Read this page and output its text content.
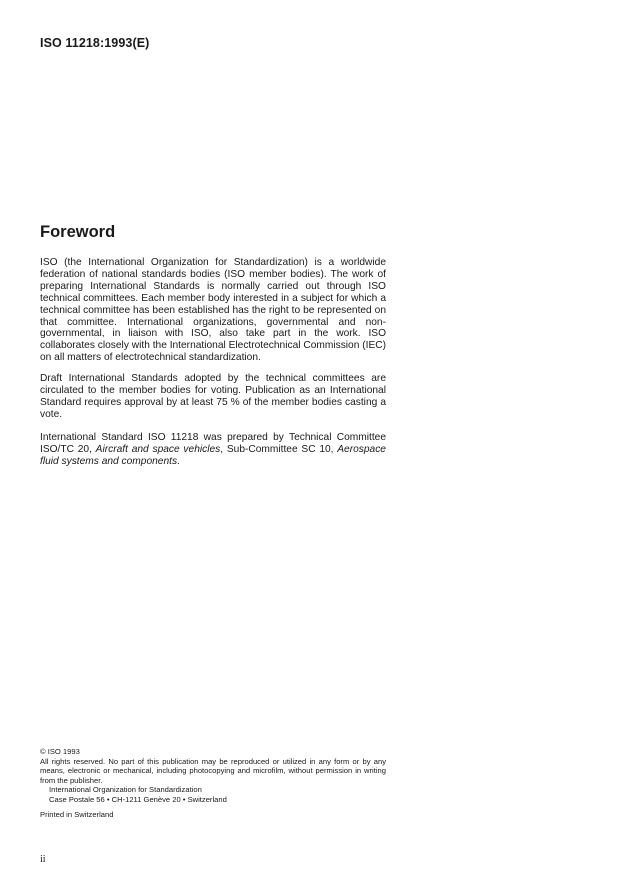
ISO 11218:1993(E)
Foreword

ISO (the International Organization for Standardization) is a worldwide federation of national standards bodies (ISO member bodies). The work of preparing International Standards is normally carried out through ISO technical committees. Each member body interested in a subject for which a technical committee has been established has the right to be represented on that committee. International organizations, governmental and non-governmental, in liaison with ISO, also take part in the work. ISO collaborates closely with the International Electrotechnical Commission (IEC) on all matters of electrotechnical standardization.

Draft International Standards adopted by the technical committees are circulated to the member bodies for voting. Publication as an International Standard requires approval by at least 75 % of the member bodies casting a vote.

International Standard ISO 11218 was prepared by Technical Committee ISO/TC 20, Aircraft and space vehicles, Sub-Committee SC 10, Aerospace fluid systems and components.

© ISO 1993

All rights reserved. No part of this publication may be reproduced or utilized in any form or by any means, electronic or mechanical, including photocopying and microfilm, without permission in writing from the publisher.

International Organization for Standardization

Case Postale 56 • CH-1211 Genève 20 • Switzerland

Printed in Switzerland
ii
